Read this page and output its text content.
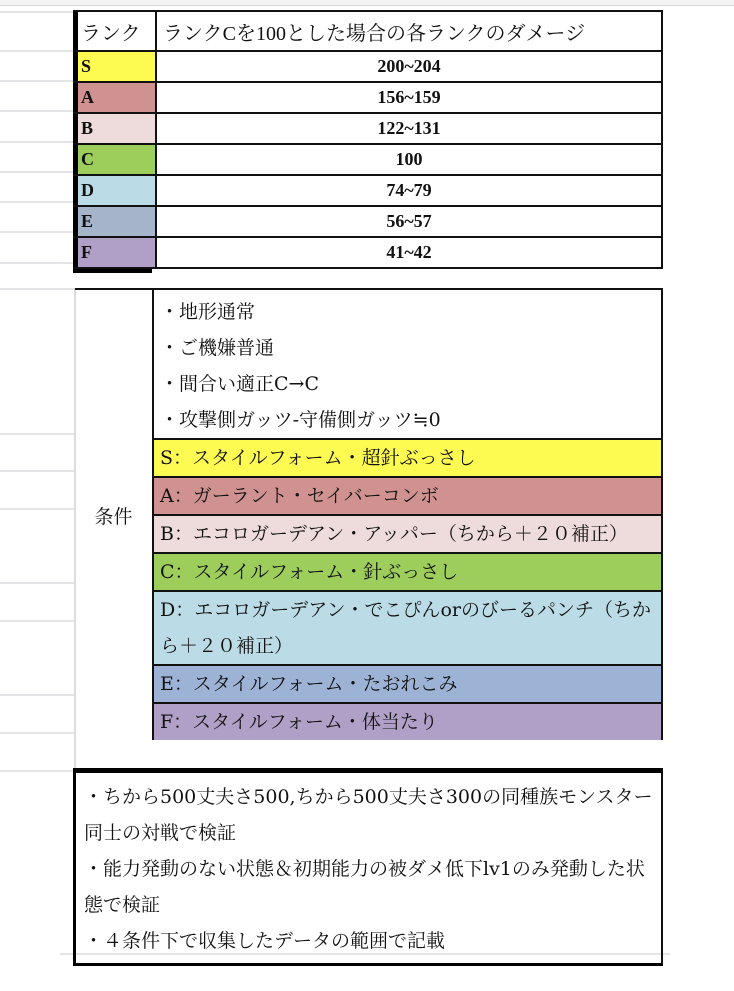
ランク	ランクCを100とした場合の各ランクのダメージ
S	200~204
A	156~159
B	122~131
C	100
D	74~79
E	56~57
F	41~42
条件
・地形通常
・ご機嫌普通
・間合い適正C→C
・攻撃側ガッツ-守備側ガッツ≒0
S：スタイルフォーム・超針ぶっさし
A：ガーラント・セイバーコンボ
B：エコロガーデアン・アッパー（ちから＋２０補正）
C：スタイルフォーム・針ぶっさし
D：エコロガーデアン・でこぴんorのびーるパンチ（ちから＋２０補正）
E：スタイルフォーム・たおれこみ
F：スタイルフォーム・体当たり
・ちから500丈夫さ500,ちから500丈夫さ300の同種族モンスター同士の対戦で検証
・能力発動のない状態＆初期能力の被ダメ低下lv1のみ発動した状態で検証
・４条件下で収集したデータの範囲で記載
